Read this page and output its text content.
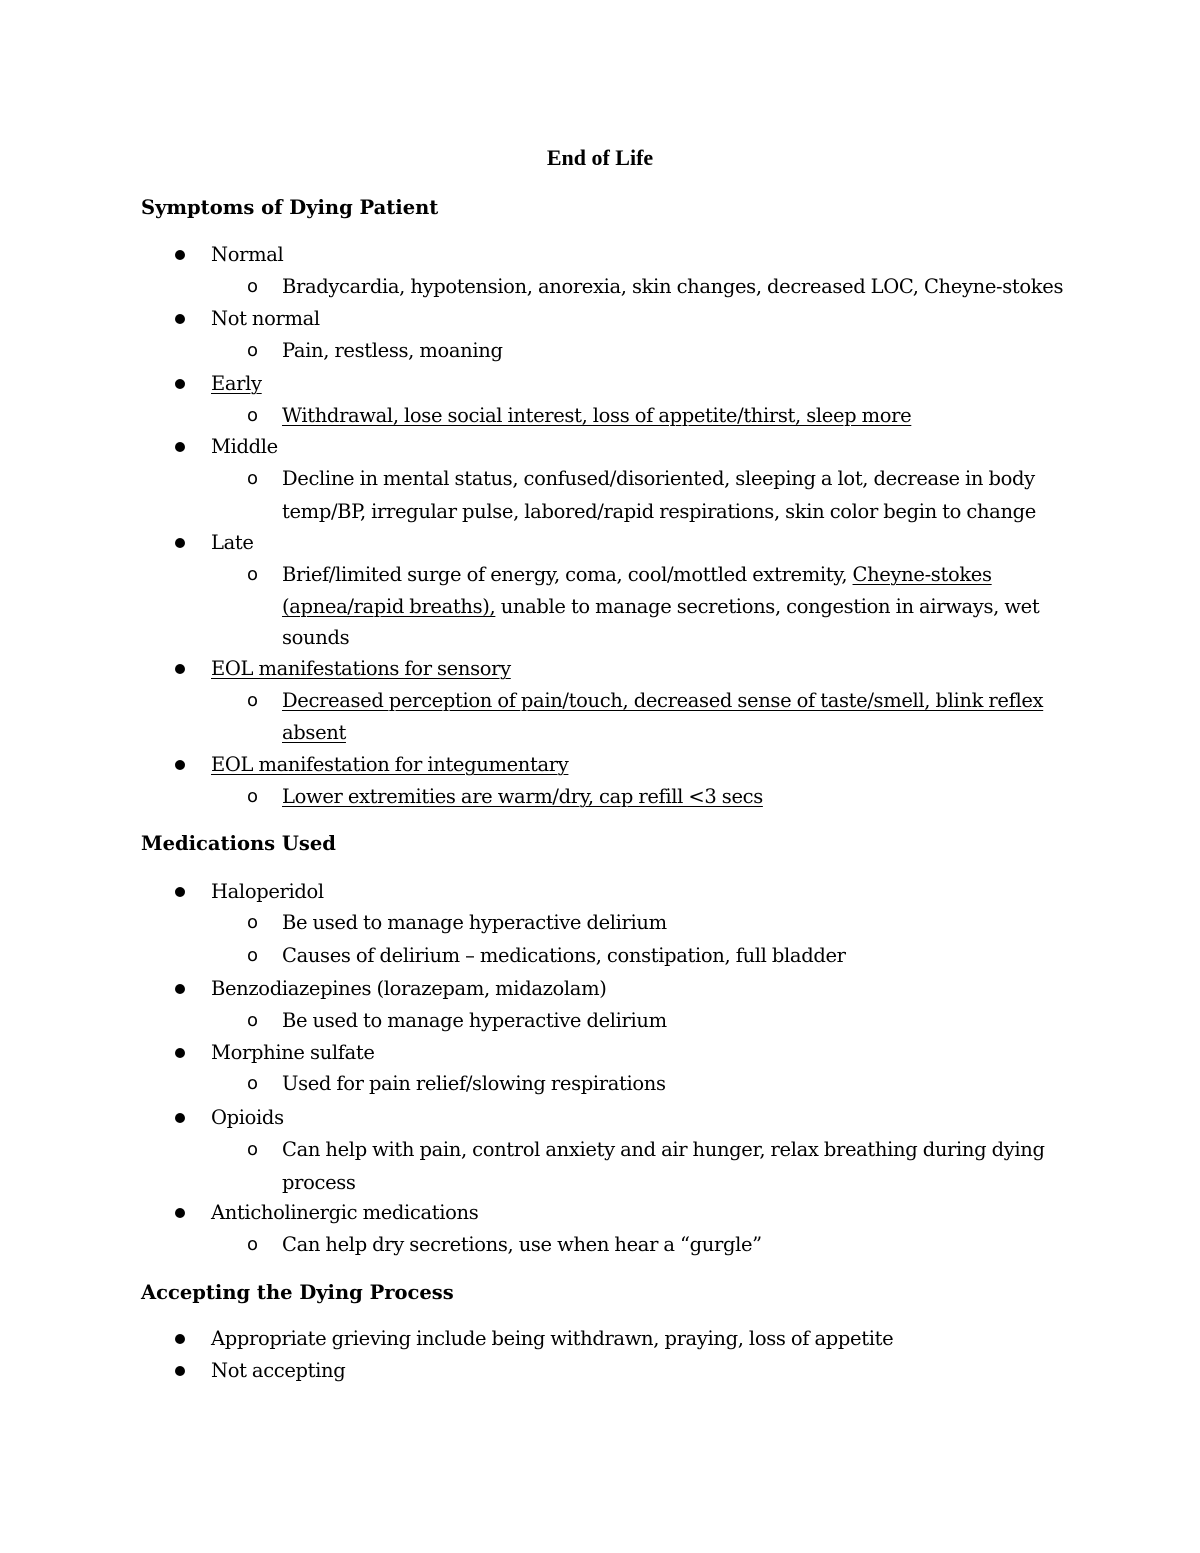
End of Life
Symptoms of Dying Patient
Normal
o Bradycardia, hypotension, anorexia, skin changes, decreased LOC, Cheyne-stokes
Not normal
o Pain, restless, moaning
Early
o Withdrawal, lose social interest, loss of appetite/thirst, sleep more
Middle
o Decline in mental status, confused/disoriented, sleeping a lot, decrease in body
temp/BP, irregular pulse, labored/rapid respirations, skin color begin to change
Late
o Brief/limited surge of energy, coma, cool/mottled extremity, Cheyne-stokes
(apnea/rapid breaths), unable to manage secretions, congestion in airways, wet
sounds
EOL manifestations for sensory
o Decreased perception of pain/touch, decreased sense of taste/smell, blink reflex
absent
EOL manifestation for integumentary
o Lower extremities are warm/dry, cap refill <3 secs
Medications Used
Haloperidol
o Be used to manage hyperactive delirium
o Causes of delirium – medications, constipation, full bladder
Benzodiazepines (lorazepam, midazolam)
o Be used to manage hyperactive delirium
Morphine sulfate
o Used for pain relief/slowing respirations
Opioids
o Can help with pain, control anxiety and air hunger, relax breathing during dying
process
Anticholinergic medications
o Can help dry secretions, use when hear a “gurgle”
Accepting the Dying Process
Appropriate grieving include being withdrawn, praying, loss of appetite
Not accepting
